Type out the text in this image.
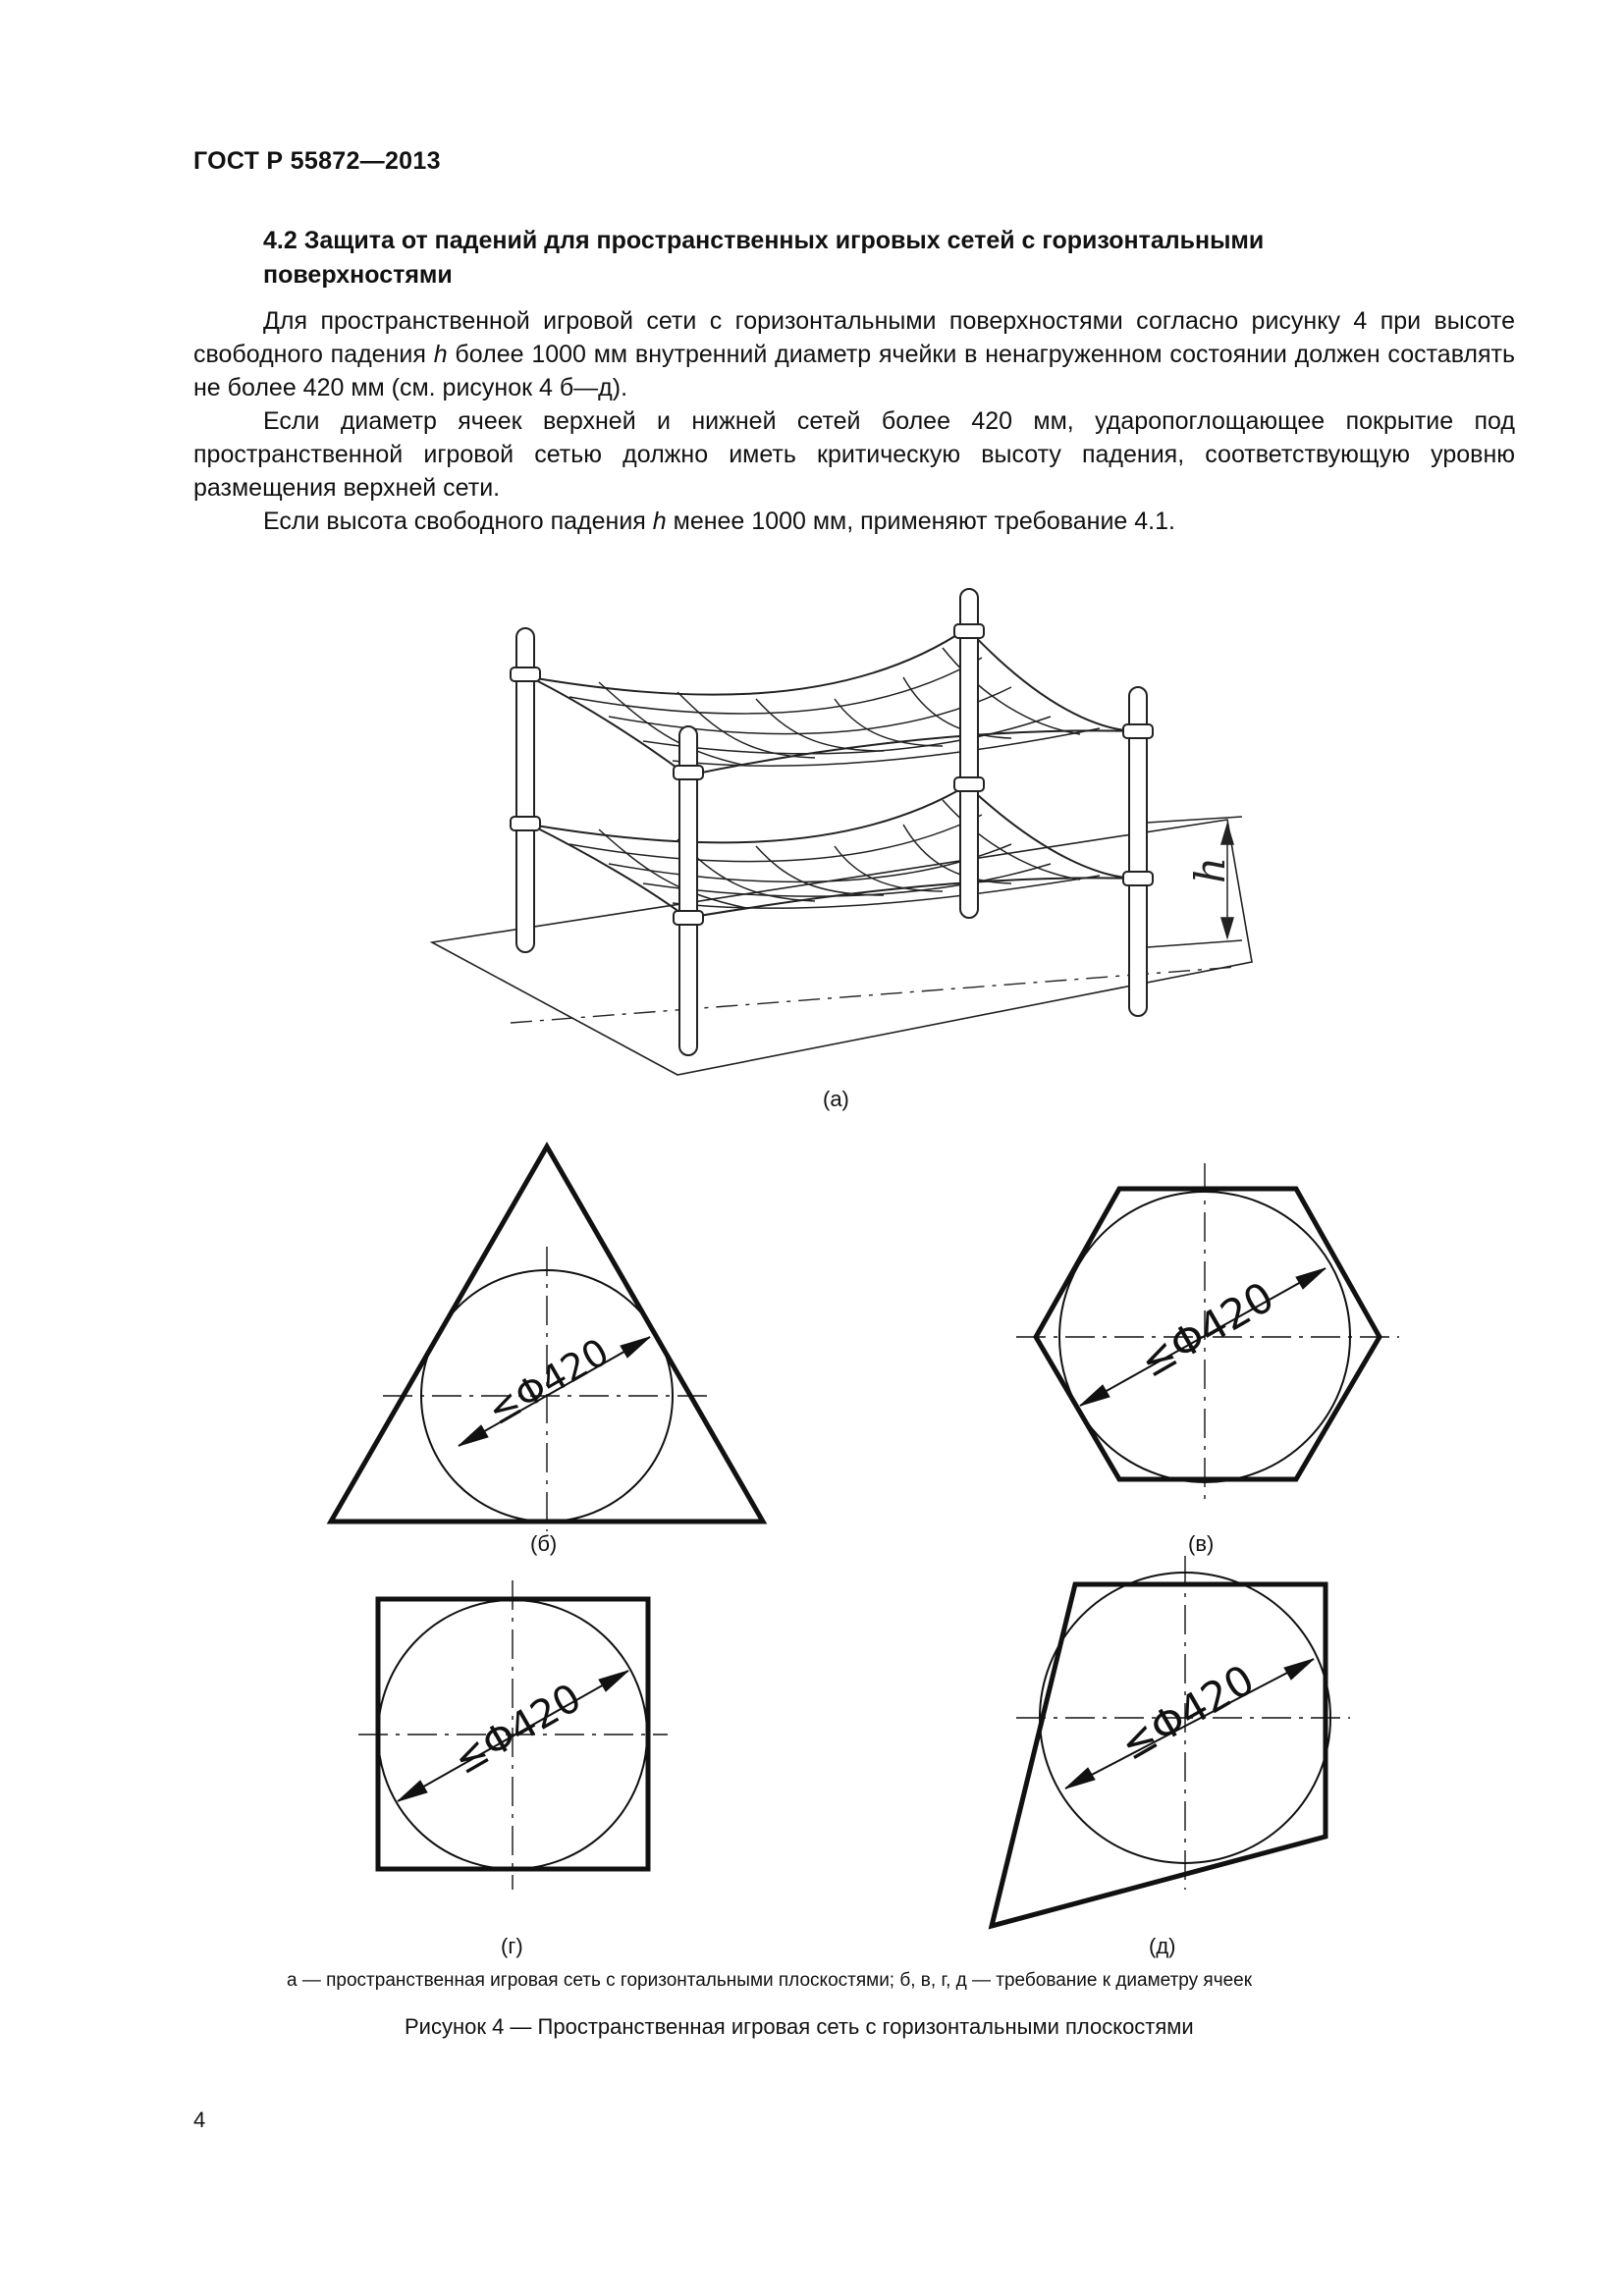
ГОСТ Р 55872—2013
4.2 Защита от падений для пространственных игровых сетей с горизонтальными поверхностями

Для пространственной игровой сети с горизонтальными поверхностями согласно рисунку 4 при высоте свободного падения h более 1000 мм внутренний диаметр ячейки в ненагруженном состоянии должен составлять не более 420 мм (см. рисунок 4 б—д).

Если диаметр ячеек верхней и нижней сетей более 420 мм, ударопоглощающее покрытие под пространственной игровой сетью должно иметь критическую высоту падения, соответствующую уровню размещения верхней сети.

Если высота свободного падения h менее 1000 мм, применяют требование 4.1.

h
(а)
≤Φ420
(б)
≤Φ420
(в)
≤Φ420
(г)
≤Φ420
(д)
а — пространственная игровая сеть с горизонтальными плоскостями; б, в, г, д — требование к диаметру ячеек
Рисунок 4 — Пространственная игровая сеть с горизонтальными плоскостями
4
